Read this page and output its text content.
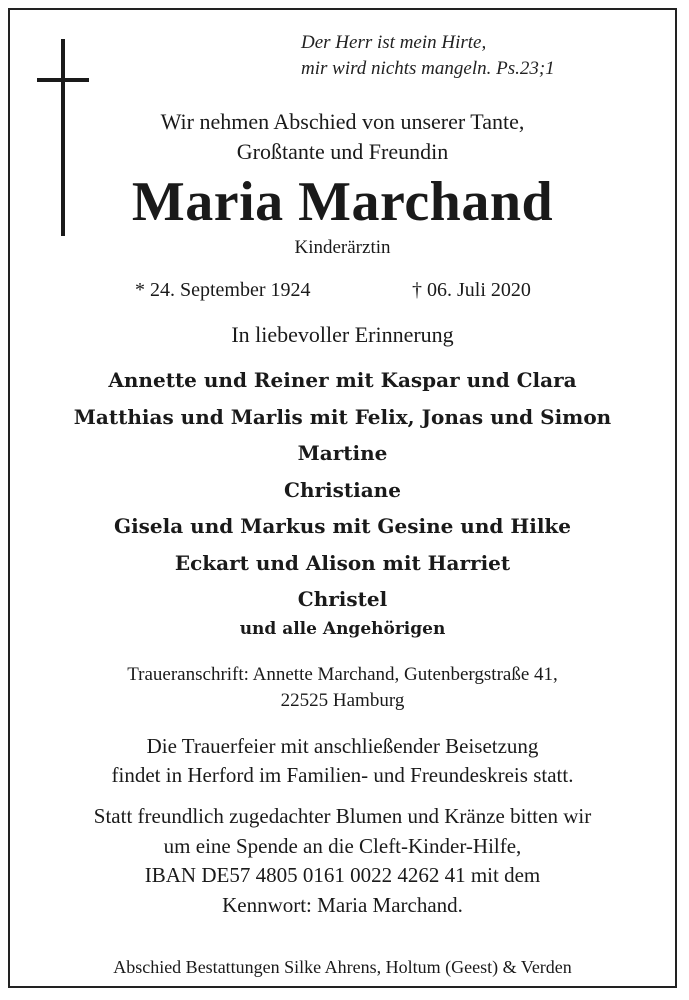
Der Herr ist mein Hirte,
mir wird nichts mangeln. Ps.23;1
Wir nehmen Abschied von unserer Tante,
Großtante und Freundin
Maria Marchand
Kinderärztin
* 24. September 1924	† 06. Juli 2020
In liebevoller Erinnerung
Annette und Reiner mit Kaspar und Clara
Matthias und Marlis mit Felix, Jonas und Simon
Martine
Christiane
Gisela und Markus mit Gesine und Hilke
Eckart und Alison mit Harriet
Christel
und alle Angehörigen
Traueranschrift: Annette Marchand, Gutenbergstraße 41,
22525 Hamburg
Die Trauerfeier mit anschließender Beisetzung
findet in Herford im Familien- und Freundeskreis statt.
Statt freundlich zugedachter Blumen und Kränze bitten wir
um eine Spende an die Cleft-Kinder-Hilfe,
IBAN DE57 4805 0161 0022 4262 41 mit dem
Kennwort: Maria Marchand.
Abschied Bestattungen Silke Ahrens, Holtum (Geest) & Verden
